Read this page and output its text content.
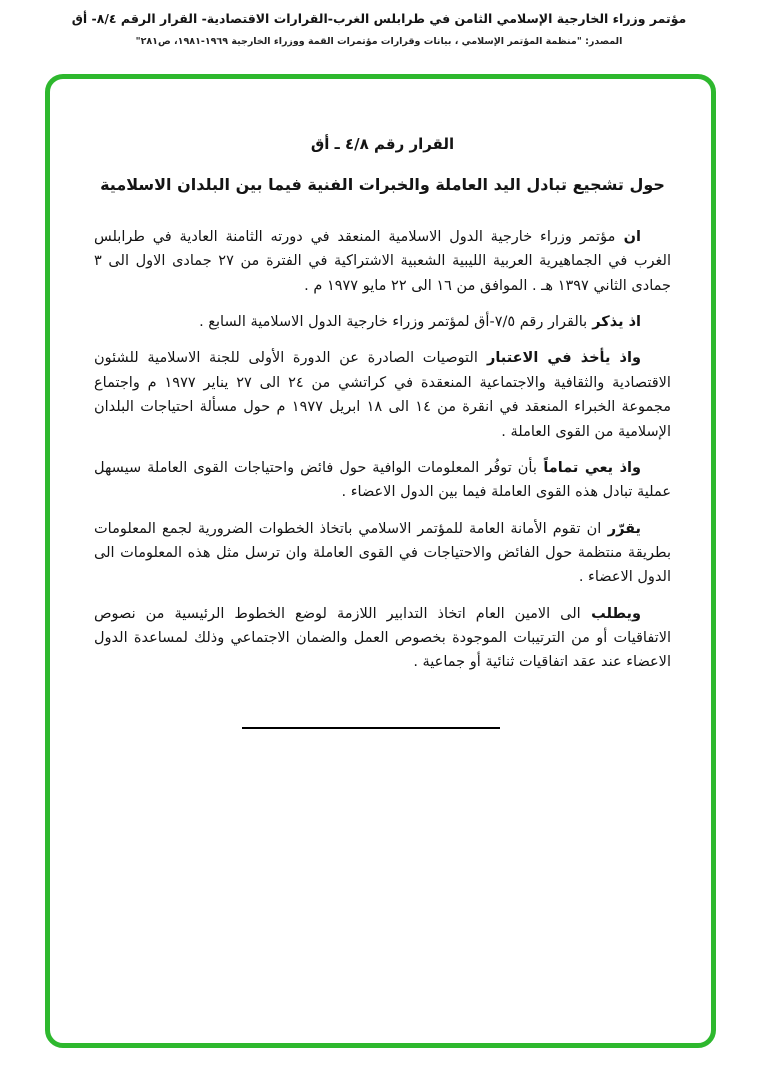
مؤتمر وزراء الخارجية الإسلامي الثامن في طرابلس الغرب-القرارات الاقتصادية- القرار الرقم ٨/٤- أق
المصدر: "منظمة المؤتمر الإسلامي ، بيانات وقرارات مؤتمرات القمة ووزراء الخارجية ١٩٦٩-١٩٨١، ص٢٨١"
القرار رقم ٤/٨ ـ أق
حول تشجيع تبادل اليد العاملة والخبرات الفنية فيما بين البلدان الاسلامية

انمؤتمر وزراء خارجية الدول الاسلامية المنعقد في دورته الثامنة العادية في طرابلس الغرب في الجماهيرية العربية الليبية الشعبية الاشتراكية في الفترة من ٢٧ جمادى الاول الى ٣ جمادى الثاني ١٣٩٧ هـ . الموافق من ١٦ الى ٢٢ مايو ١٩٧٧ م .

اذ يذكربالقرار رقم ٧/٥-أق لمؤتمر وزراء خارجية الدول الاسلامية السابع .

واذ يأخذ في الاعتبارالتوصيات الصادرة عن الدورة الأولى للجنة الاسلامية للشئون الاقتصادية والثقافية والاجتماعية المنعقدة في كراتشي من ٢٤ الى ٢٧ يناير ١٩٧٧ م واجتماع مجموعة الخبراء المنعقد في انقرة من ١٤ الى ١٨ ابريل ١٩٧٧ م حول مسألة احتياجات البلدان الإسلامية من القوى العاملة .

واذ يعي تماماًبأن توفُر المعلومات الوافية حول فائض واحتياجات القوى العاملة سيسهل عملية تبادل هذه القوى العاملة فيما بين الدول الاعضاء .

يقرّران تقوم الأمانة العامة للمؤتمر الاسلامي باتخاذ الخطوات الضرورية لجمع المعلومات بطريقة منتظمة حول الفائض والاحتياجات في القوى العاملة وان ترسل مثل هذه المعلومات الى الدول الاعضاء .

ويطلبالى الامين العام اتخاذ التدابير اللازمة لوضع الخطوط الرئيسية من نصوص الاتفاقيات أو من الترتيبات الموجودة بخصوص العمل والضمان الاجتماعي وذلك لمساعدة الدول الاعضاء عند عقد اتفاقيات ثنائية أو جماعية .
